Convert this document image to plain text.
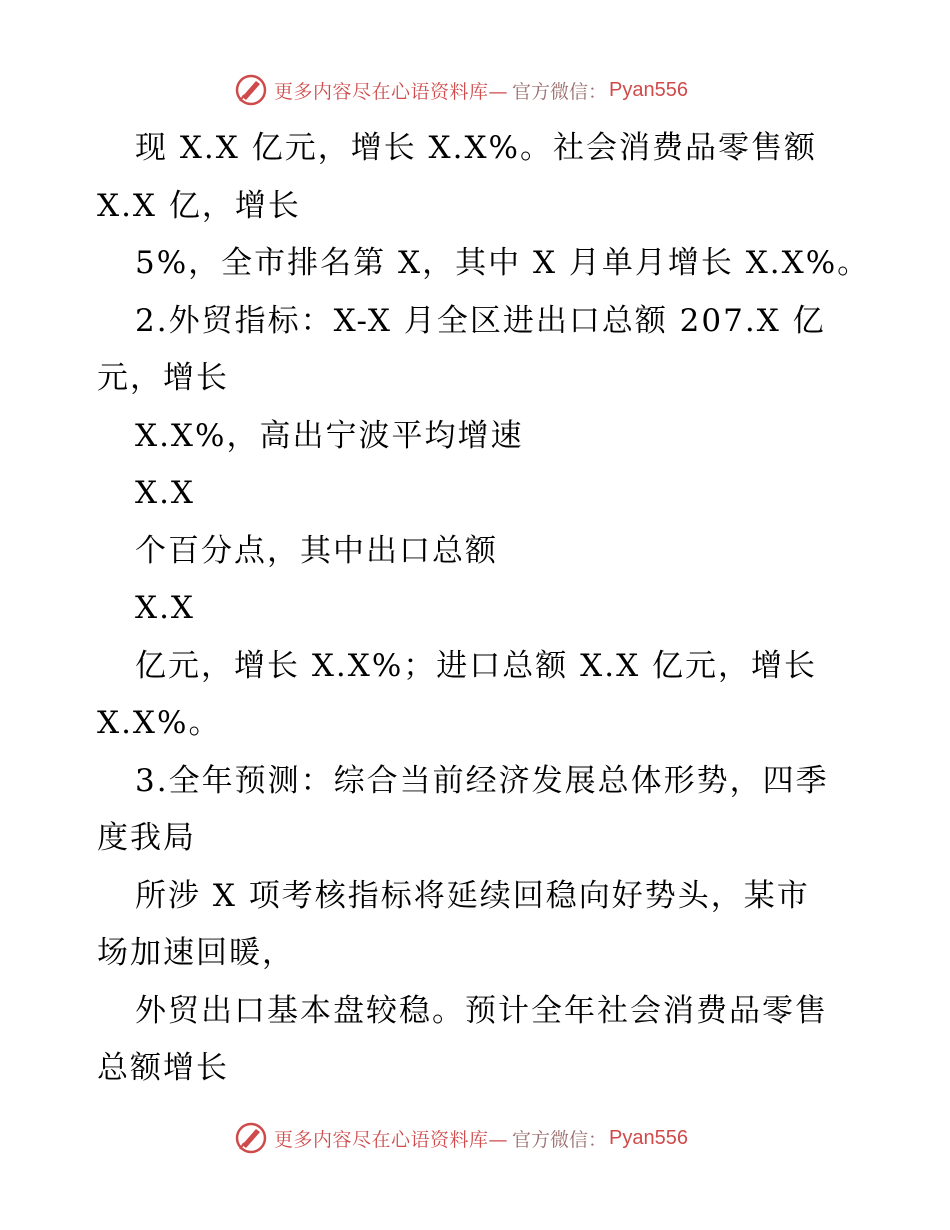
更多内容尽在心语资料库— 官方微信： Pyan556
现 X.X 亿元，增长 X.X%。社会消费品零售额
X.X 亿，增长
5%，全市排名第 X，其中 X 月单月增长 X.X%。
2.外贸指标：X-X 月全区进出口总额 207.X 亿
元，增长
X.X%，高出宁波平均增速
X.X
个百分点，其中出口总额
X.X
亿元，增长 X.X%；进口总额 X.X 亿元，增长
X.X%。
3.全年预测：综合当前经济发展总体形势，四季
度我局
所涉 X 项考核指标将延续回稳向好势头，某市
场加速回暖，
外贸出口基本盘较稳。预计全年社会消费品零售
总额增长
更多内容尽在心语资料库— 官方微信： Pyan556
